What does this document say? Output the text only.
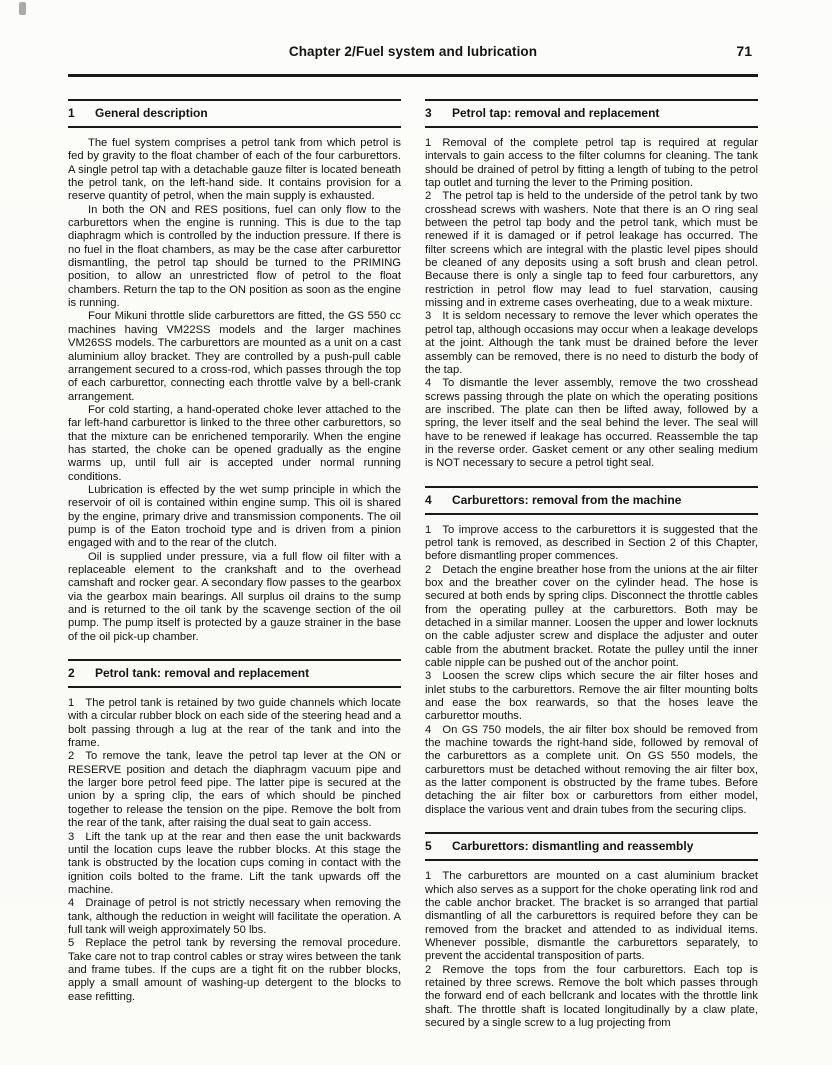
Chapter 2/Fuel system and lubrication	71
1	General description

The fuel system comprises a petrol tank from which petrol is fed by gravity to the float chamber of each of the four carburettors. A single petrol tap with a detachable gauze filter is located beneath the petrol tank, on the left-hand side. It contains provision for a reserve quantity of petrol, when the main supply is exhausted.

In both the ON and RES positions, fuel can only flow to the carburettors when the engine is running. This is due to the tap diaphragm which is controlled by the induction pressure. If there is no fuel in the float chambers, as may be the case after carburettor dismantling, the petrol tap should be turned to the PRIMING position, to allow an unrestricted flow of petrol to the float chambers. Return the tap to the ON position as soon as the engine is running.

Four Mikuni throttle slide carburettors are fitted, the GS 550 cc machines having VM22SS models and the larger machines VM26SS models. The carburettors are mounted as a unit on a cast aluminium alloy bracket. They are controlled by a push-pull cable arrangement secured to a cross-rod, which passes through the top of each carburettor, connecting each throttle valve by a bell-crank arrangement.

For cold starting, a hand-operated choke lever attached to the far left-hand carburettor is linked to the three other carburettors, so that the mixture can be enrichened temporarily. When the engine has started, the choke can be opened gradually as the engine warms up, until full air is accepted under normal running conditions.

Lubrication is effected by the wet sump principle in which the reservoir of oil is contained within engine sump. This oil is shared by the engine, primary drive and transmission components. The oil pump is of the Eaton trochoid type and is driven from a pinion engaged with and to the rear of the clutch.

Oil is supplied under pressure, via a full flow oil filter with a replaceable element to the crankshaft and to the overhead camshaft and rocker gear. A secondary flow passes to the gearbox via the gearbox main bearings. All surplus oil drains to the sump and is returned to the oil tank by the scavenge section of the oil pump. The pump itself is protected by a gauze strainer in the base of the oil pick-up chamber.

2	Petrol tank: removal and replacement

1 The petrol tank is retained by two guide channels which locate with a circular rubber block on each side of the steering head and a bolt passing through a lug at the rear of the tank and into the frame.

2 To remove the tank, leave the petrol tap lever at the ON or RESERVE position and detach the diaphragm vacuum pipe and the larger bore petrol feed pipe. The latter pipe is secured at the union by a spring clip, the ears of which should be pinched together to release the tension on the pipe. Remove the bolt from the rear of the tank, after raising the dual seat to gain access.

3 Lift the tank up at the rear and then ease the unit backwards until the location cups leave the rubber blocks. At this stage the tank is obstructed by the location cups coming in contact with the ignition coils bolted to the frame. Lift the tank upwards off the machine.

4 Drainage of petrol is not strictly necessary when removing the tank, although the reduction in weight will facilitate the operation. A full tank will weigh approximately 50 lbs.

5 Replace the petrol tank by reversing the removal procedure. Take care not to trap control cables or stray wires between the tank and frame tubes. If the cups are a tight fit on the rubber blocks, apply a small amount of washing-up detergent to the blocks to ease refitting.

3	Petrol tap: removal and replacement

1 Removal of the complete petrol tap is required at regular intervals to gain access to the filter columns for cleaning. The tank should be drained of petrol by fitting a length of tubing to the petrol tap outlet and turning the lever to the Priming position.

2 The petrol tap is held to the underside of the petrol tank by two crosshead screws with washers. Note that there is an O ring seal between the petrol tap body and the petrol tank, which must be renewed if it is damaged or if petrol leakage has occurred. The filter screens which are integral with the plastic level pipes should be cleaned of any deposits using a soft brush and clean petrol. Because there is only a single tap to feed four carburettors, any restriction in petrol flow may lead to fuel starvation, causing missing and in extreme cases overheating, due to a weak mixture.

3 It is seldom necessary to remove the lever which operates the petrol tap, although occasions may occur when a leakage develops at the joint. Although the tank must be drained before the lever assembly can be removed, there is no need to disturb the body of the tap.

4 To dismantle the lever assembly, remove the two crosshead screws passing through the plate on which the operating positions are inscribed. The plate can then be lifted away, followed by a spring, the lever itself and the seal behind the lever. The seal will have to be renewed if leakage has occurred. Reassemble the tap in the reverse order. Gasket cement or any other sealing medium is NOT necessary to secure a petrol tight seal.

4	Carburettors: removal from the machine

1 To improve access to the carburettors it is suggested that the petrol tank is removed, as described in Section 2 of this Chapter, before dismantling proper commences.

2 Detach the engine breather hose from the unions at the air filter box and the breather cover on the cylinder head. The hose is secured at both ends by spring clips. Disconnect the throttle cables from the operating pulley at the carburettors. Both may be detached in a similar manner. Loosen the upper and lower locknuts on the cable adjuster screw and displace the adjuster and outer cable from the abutment bracket. Rotate the pulley until the inner cable nipple can be pushed out of the anchor point.

3 Loosen the screw clips which secure the air filter hoses and inlet stubs to the carburettors. Remove the air filter mounting bolts and ease the box rearwards, so that the hoses leave the carburettor mouths.

4 On GS 750 models, the air filter box should be removed from the machine towards the right-hand side, followed by removal of the carburettors as a complete unit. On GS 550 models, the carburettors must be detached without removing the air filter box, as the latter component is obstructed by the frame tubes. Before detaching the air filter box or carburettors from either model, displace the various vent and drain tubes from the securing clips.

5	Carburettors: dismantling and reassembly

1 The carburettors are mounted on a cast aluminium bracket which also serves as a support for the choke operating link rod and the cable anchor bracket. The bracket is so arranged that partial dismantling of all the carburettors is required before they can be removed from the bracket and attended to as individual items. Whenever possible, dismantle the carburettors separately, to prevent the accidental transposition of parts.

2 Remove the tops from the four carburettors. Each top is retained by three screws. Remove the bolt which passes through the forward end of each bellcrank and locates with the throttle link shaft. The throttle shaft is located longitudinally by a claw plate, secured by a single screw to a lug projecting from
